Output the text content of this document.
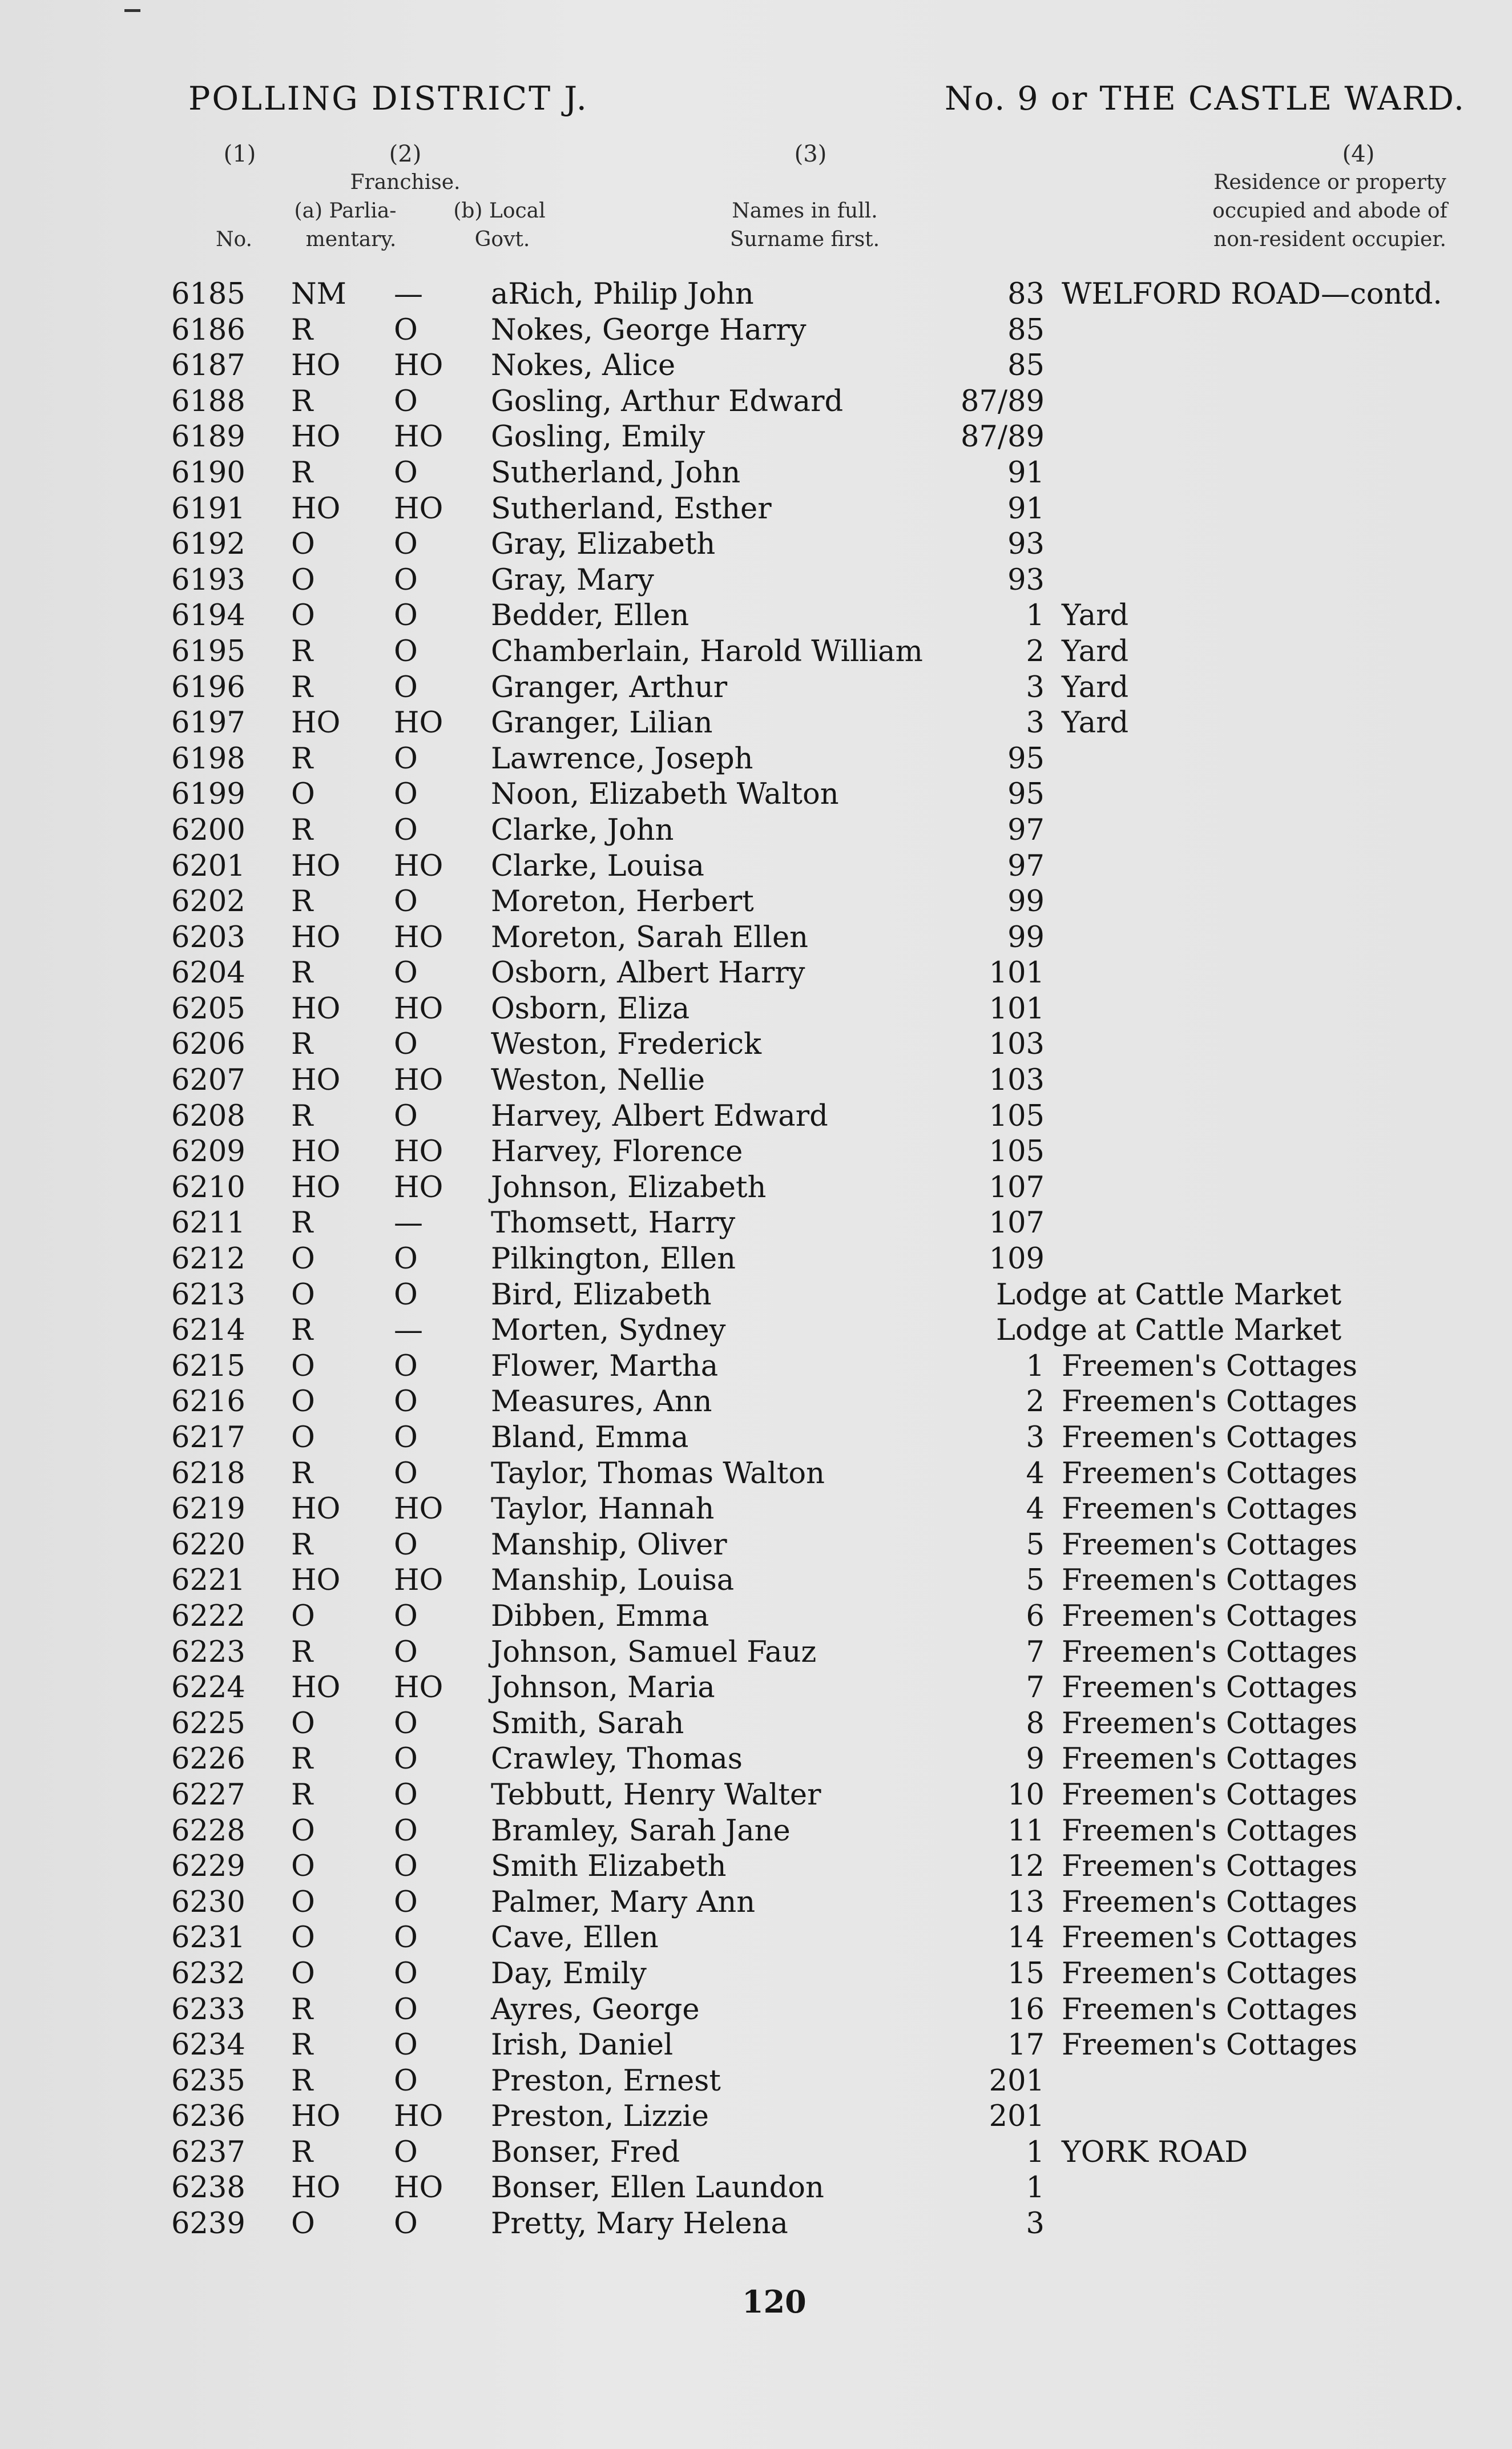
POLLING DISTRICT J.	No. 9 or THE CASTLE WARD.
(1)
No.
(2)
Franchise.
(a) Parlia-
mentary.
(b) Local
Govt.
(3)
Names in full.
Surname first.
(4)
Residence or property
occupied and abode of
non-resident occupier.
6185 NM — aRich, Philip John	83 WELFORD ROAD—contd.
6186 R	O	Nokes, George Harry	85
6187 HO HO Nokes, Alice	85
6188 R	O	Gosling, Arthur Edward	87/89
6189 HO HO Gosling, Emily	87/89
6190 R	O	Sutherland, John	91
6191 HO HO Sutherland, Esther	91
6192 O	O	Gray, Elizabeth	93
6193 O	O	Gray, Mary	93
6194 O	O	Bedder, Ellen	1 Yard
6195 R	O	Chamberlain, Harold William	2 Yard
6196 R	O	Granger, Arthur	3 Yard
6197 HO HO Granger, Lilian	3 Yard
6198 R	O	Lawrence, Joseph	95
6199 O	O	Noon, Elizabeth Walton	95
6200 R	O	Clarke, John	97
6201 HO HO Clarke, Louisa	97
6202 R	O	Moreton, Herbert	99
6203 HO HO Moreton, Sarah Ellen	99
6204 R	O	Osborn, Albert Harry	101
6205 HO HO Osborn, Eliza	101
6206 R	O	Weston, Frederick	103
6207 HO HO Weston, Nellie	103
6208 R	O	Harvey, Albert Edward	105
6209 HO HO Harvey, Florence	105
6210 HO HO Johnson, Elizabeth	107
6211 R	— Thomsett, Harry	107
6212 O	O	Pilkington, Ellen	109
6213 O	O	Bird, Elizabeth	Lodge at Cattle Market
6214 R	— Morten, Sydney	Lodge at Cattle Market
6215 O	O	Flower, Martha	1 Freemen's Cottages
6216 O	O	Measures, Ann	2 Freemen's Cottages
6217 O	O	Bland, Emma	3 Freemen's Cottages
6218 R	O	Taylor, Thomas Walton	4 Freemen's Cottages
6219 HO HO Taylor, Hannah	4 Freemen's Cottages
6220 R	O	Manship, Oliver	5 Freemen's Cottages
6221 HO HO Manship, Louisa	5 Freemen's Cottages
6222 O	O	Dibben, Emma	6 Freemen's Cottages
6223 R	O	Johnson, Samuel Fauz	7 Freemen's Cottages
6224 HO HO Johnson, Maria	7 Freemen's Cottages
6225 O	O	Smith, Sarah	8 Freemen's Cottages
6226 R	O	Crawley, Thomas	9 Freemen's Cottages
6227 R	O	Tebbutt, Henry Walter	10 Freemen's Cottages
6228 O	O	Bramley, Sarah Jane	11 Freemen's Cottages
6229 O	O	Smith Elizabeth	12 Freemen's Cottages
6230 O	O	Palmer, Mary Ann	13 Freemen's Cottages
6231 O	O	Cave, Ellen	14 Freemen's Cottages
6232 O	O	Day, Emily	15 Freemen's Cottages
6233 R	O	Ayres, George	16 Freemen's Cottages
6234 R	O	Irish, Daniel	17 Freemen's Cottages
6235 R	O	Preston, Ernest	201
6236 HO HO Preston, Lizzie	201
6237 R	O	Bonser, Fred	1 YORK ROAD
6238 HO HO Bonser, Ellen Laundon	1
6239 O	O	Pretty, Mary Helena	3
120
